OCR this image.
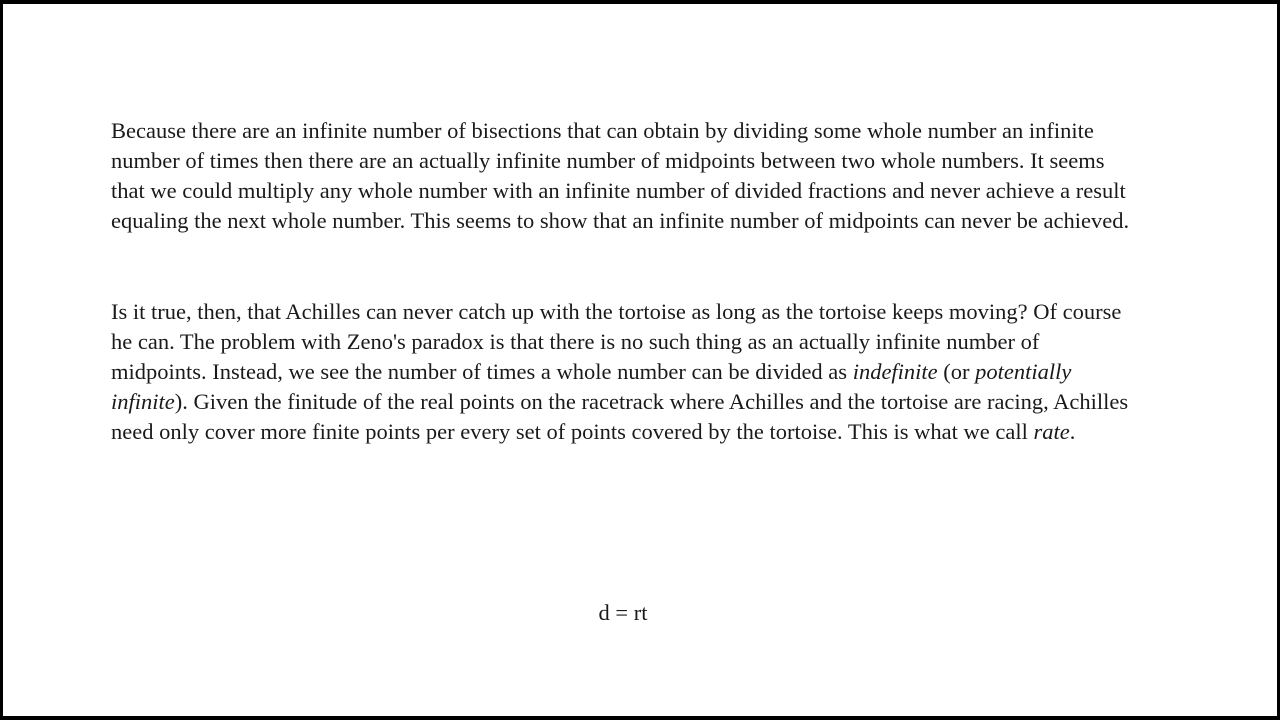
Because there are an infinite number of bisections that can obtain by dividing some whole number an infinite number of times then there are an actually infinite number of midpoints between two whole numbers. It seems that we could multiply any whole number with an infinite number of divided fractions and never achieve a result equaling the next whole number. This seems to show that an infinite number of midpoints can never be achieved.

Is it true, then, that Achilles can never catch up with the tortoise as long as the tortoise keeps moving? Of course he can. The problem with Zeno's paradox is that there is no such thing as an actually infinite number of midpoints. Instead, we see the number of times a whole number can be divided as indefinite (or potentially infinite). Given the finitude of the real points on the racetrack where Achilles and the tortoise are racing, Achilles need only cover more finite points per every set of points covered by the tortoise. This is what we call rate.

d = rt
